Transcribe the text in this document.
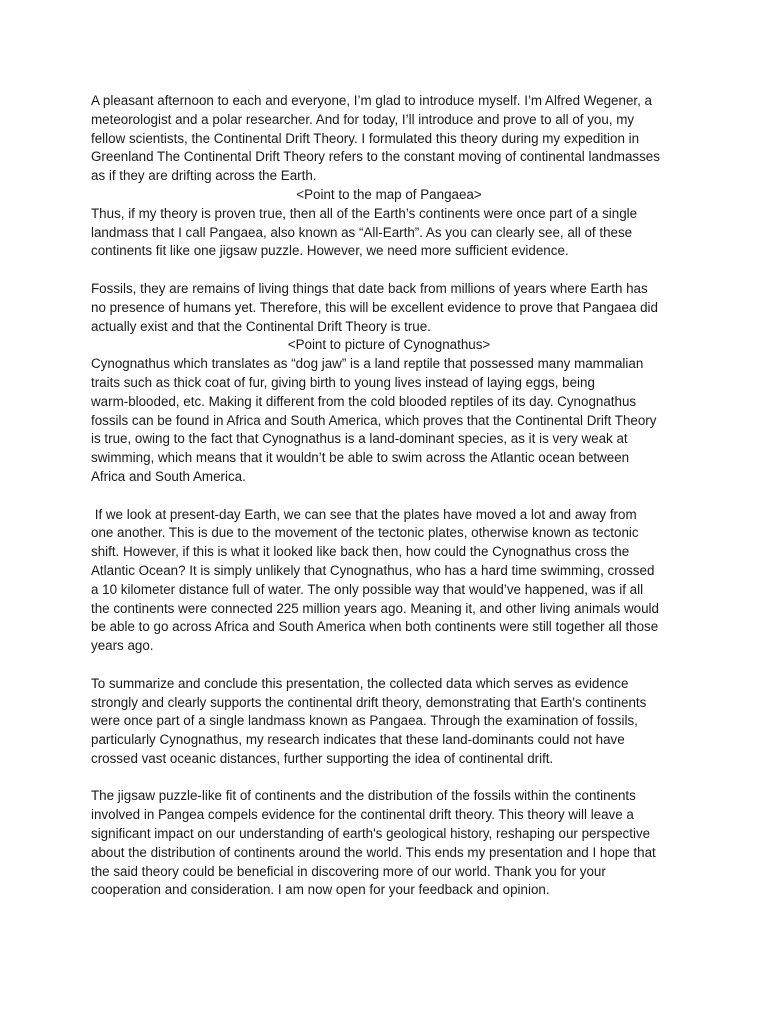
A pleasant afternoon to each and everyone, I’m glad to introduce myself. I’m Alfred Wegener, a
meteorologist and a polar researcher. And for today, I’ll introduce and prove to all of you, my
fellow scientists, the Continental Drift Theory. I formulated this theory during my expedition in
Greenland The Continental Drift Theory refers to the constant moving of continental landmasses
as if they are drifting across the Earth.
<Point to the map of Pangaea>
Thus, if my theory is proven true, then all of the Earth’s continents were once part of a single
landmass that I call Pangaea, also known as “All-Earth”. As you can clearly see, all of these
continents fit like one jigsaw puzzle. However, we need more sufficient evidence.
Fossils, they are remains of living things that date back from millions of years where Earth has
no presence of humans yet. Therefore, this will be excellent evidence to prove that Pangaea did
actually exist and that the Continental Drift Theory is true.
<Point to picture of Cynognathus>
Cynognathus which translates as “dog jaw” is a land reptile that possessed many mammalian
traits such as thick coat of fur, giving birth to young lives instead of laying eggs, being
warm-blooded, etc. Making it different from the cold blooded reptiles of its day. Cynognathus
fossils can be found in Africa and South America, which proves that the Continental Drift Theory
is true, owing to the fact that Cynognathus is a land-dominant species, as it is very weak at
swimming, which means that it wouldn’t be able to swim across the Atlantic ocean between
Africa and South America.
If we look at present-day Earth, we can see that the plates have moved a lot and away from
one another. This is due to the movement of the tectonic plates, otherwise known as tectonic
shift. However, if this is what it looked like back then, how could the Cynognathus cross the
Atlantic Ocean? It is simply unlikely that Cynognathus, who has a hard time swimming, crossed
a 10 kilometer distance full of water. The only possible way that would’ve happened, was if all
the continents were connected 225 million years ago. Meaning it, and other living animals would
be able to go across Africa and South America when both continents were still together all those
years ago.
To summarize and conclude this presentation, the collected data which serves as evidence
strongly and clearly supports the continental drift theory, demonstrating that Earth's continents
were once part of a single landmass known as Pangaea. Through the examination of fossils,
particularly Cynognathus, my research indicates that these land-dominants could not have
crossed vast oceanic distances, further supporting the idea of continental drift.
The jigsaw puzzle-like fit of continents and the distribution of the fossils within the continents
involved in Pangea compels evidence for the continental drift theory. This theory will leave a
significant impact on our understanding of earth's geological history, reshaping our perspective
about the distribution of continents around the world. This ends my presentation and I hope that
the said theory could be beneficial in discovering more of our world. Thank you for your
cooperation and consideration. I am now open for your feedback and opinion.
